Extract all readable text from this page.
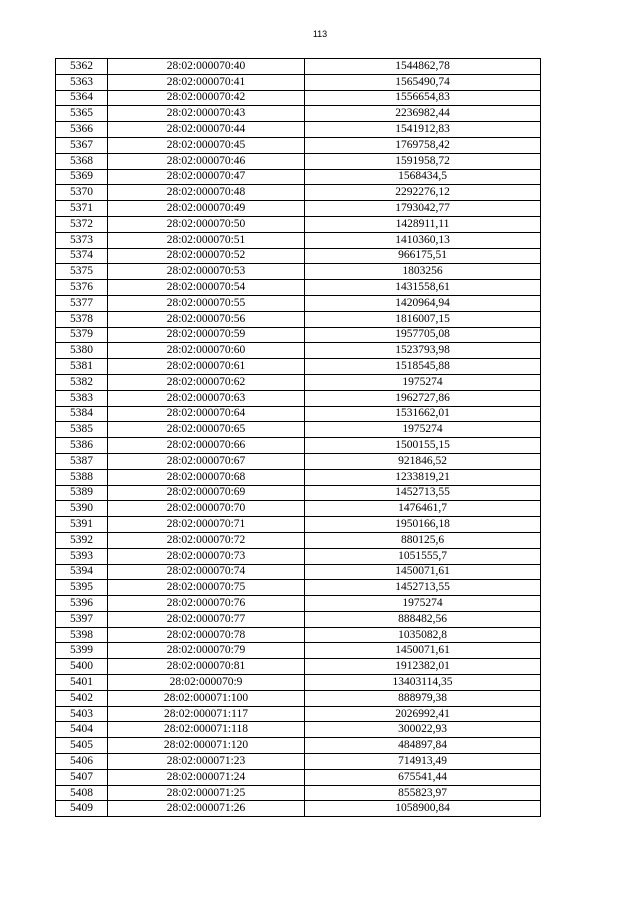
113
5362	28:02:000070:40	1544862,78
5363	28:02:000070:41	1565490,74
5364	28:02:000070:42	1556654,83
5365	28:02:000070:43	2236982,44
5366	28:02:000070:44	1541912,83
5367	28:02:000070:45	1769758,42
5368	28:02:000070:46	1591958,72
5369	28:02:000070:47	1568434,5
5370	28:02:000070:48	2292276,12
5371	28:02:000070:49	1793042,77
5372	28:02:000070:50	1428911,11
5373	28:02:000070:51	1410360,13
5374	28:02:000070:52	966175,51
5375	28:02:000070:53	1803256
5376	28:02:000070:54	1431558,61
5377	28:02:000070:55	1420964,94
5378	28:02:000070:56	1816007,15
5379	28:02:000070:59	1957705,08
5380	28:02:000070:60	1523793,98
5381	28:02:000070:61	1518545,88
5382	28:02:000070:62	1975274
5383	28:02:000070:63	1962727,86
5384	28:02:000070:64	1531662,01
5385	28:02:000070:65	1975274
5386	28:02:000070:66	1500155,15
5387	28:02:000070:67	921846,52
5388	28:02:000070:68	1233819,21
5389	28:02:000070:69	1452713,55
5390	28:02:000070:70	1476461,7
5391	28:02:000070:71	1950166,18
5392	28:02:000070:72	880125,6
5393	28:02:000070:73	1051555,7
5394	28:02:000070:74	1450071,61
5395	28:02:000070:75	1452713,55
5396	28:02:000070:76	1975274
5397	28:02:000070:77	888482,56
5398	28:02:000070:78	1035082,8
5399	28:02:000070:79	1450071,61
5400	28:02:000070:81	1912382,01
5401	28:02:000070:9	13403114,35
5402	28:02:000071:100	888979,38
5403	28:02:000071:117	2026992,41
5404	28:02:000071:118	300022,93
5405	28:02:000071:120	484897,84
5406	28:02:000071:23	714913,49
5407	28:02:000071:24	675541,44
5408	28:02:000071:25	855823,97
5409	28:02:000071:26	1058900,84
